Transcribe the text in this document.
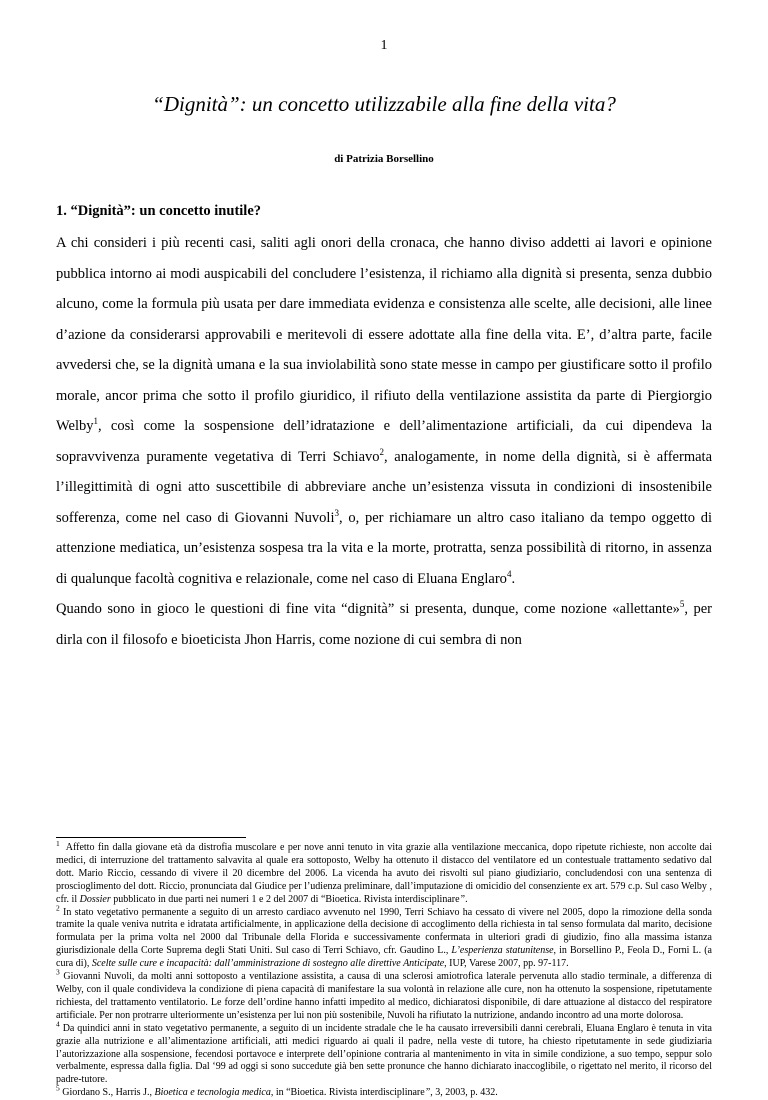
1
“Dignità”: un concetto utilizzabile alla fine della vita?
di Patrizia Borsellino
1. “Dignità”: un concetto inutile?

A chi consideri i più recenti casi, saliti agli onori della cronaca, che hanno diviso addetti ai lavori e opinione pubblica intorno ai modi auspicabili del concludere l’esistenza, il richiamo alla dignità si presenta, senza dubbio alcuno, come la formula più usata per dare immediata evidenza e consistenza alle scelte, alle decisioni, alle linee d’azione da considerarsi approvabili e meritevoli di essere adottate alla fine della vita. E’, d’altra parte, facile avvedersi che, se la dignità umana e la sua inviolabilità sono state messe in campo per giustificare sotto il profilo morale, ancor prima che sotto il profilo giuridico, il rifiuto della ventilazione assistita da parte di Piergiorgio Welby$^1$, così come la sospensione dell’idratazione e dell’alimentazione artificiali, da cui dipendeva la sopravvivenza puramente vegetativa di Terri Schiavo$^2$, analogamente, in nome della dignità, si è affermata l’illegittimità di ogni atto suscettibile di abbreviare anche un’esistenza vissuta in condizioni di insostenibile sofferenza, come nel caso di Giovanni Nuvoli$^3$, o, per richiamare un altro caso italiano da tempo oggetto di attenzione mediatica, un’esistenza sospesa tra la vita e la morte, protratta, senza possibilità di ritorno, in assenza di qualunque facoltà cognitiva e relazionale, come nel caso di Eluana Englaro$^4$.

Quando sono in gioco le questioni di fine vita “dignità” si presenta, dunque, come nozione «allettante»$^5$, per dirla con il filosofo e bioeticista Jhon Harris, come nozione di cui sembra di non

$^1$ Affetto fin dalla giovane età da distrofia muscolare e per nove anni tenuto in vita grazie alla ventilazione meccanica, dopo ripetute richieste, non accolte dai medici, di interruzione del trattamento salvavita al quale era sottoposto, Welby ha ottenuto il distacco del ventilatore ed un contestuale trattamento sedativo dal dott. Mario Riccio, cessando di vivere il 20 dicembre del 2006. La vicenda ha avuto dei risvolti sul piano giudiziario, concludendosi con una sentenza di proscioglimento del dott. Riccio, pronunciata dal Giudice per l’udienza preliminare, dall’imputazione di omicidio del consenziente ex art. 579 c.p. Sul caso Welby , cfr. il Dossier pubblicato in due parti nei numeri 1 e 2 del 2007 di “Bioetica. Rivista interdisciplinare”.

$^2$ In stato vegetativo permanente a seguito di un arresto cardiaco avvenuto nel 1990, Terri Schiavo ha cessato di vivere nel 2005, dopo la rimozione della sonda tramite la quale veniva nutrita e idratata artificialmente, in applicazione della decisione di accoglimento della richiesta in tal senso formulata dal marito, decisione formulata per la prima volta nel 2000 dal Tribunale della Florida e successivamente confermata in ulteriori gradi di giudizio, fino alla massima istanza giurisdizionale della Corte Suprema degli Stati Uniti. Sul caso di Terri Schiavo, cfr. Gaudino L., L’esperienza statunitense, in Borsellino P., Feola D., Forni L. (a cura di), Scelte sulle cure e incapacità: dall’amministrazione di sostegno alle direttive Anticipate, IUP, Varese 2007, pp. 97-117.

$^3$ Giovanni Nuvoli, da molti anni sottoposto a ventilazione assistita, a causa di una sclerosi amiotrofica laterale pervenuta allo stadio terminale, a differenza di Welby, con il quale condivideva la condizione di piena capacità di manifestare la sua volontà in relazione alle cure, non ha ottenuto la sospensione, ripetutamente richiesta, del trattamento ventilatorio. Le forze dell’ordine hanno infatti impedito al medico, dichiaratosi disponibile, di dare attuazione al distacco del respiratore artificiale. Per non protrarre ulteriormente un’esistenza per lui non più sostenibile, Nuvoli ha rifiutato la nutrizione, andando incontro ad una morte dolorosa.

$^4$ Da quindici anni in stato vegetativo permanente, a seguito di un incidente stradale che le ha causato irreversibili danni cerebrali, Eluana Englaro è tenuta in vita grazie alla nutrizione e all’alimentazione artificiali, atti medici riguardo ai quali il padre, nella veste di tutore, ha chiesto ripetutamente in sede giudiziaria l’autorizzazione alla sospensione, fecendosi portavoce e interprete dell’opinione contraria al mantenimento in vita in simile condizione, a suo tempo, seppur solo verbalmente, espressa dalla figlia. Dal ‘99 ad oggi si sono succedute già ben sette pronunce che hanno dichiarato inaccoglibile, o rigettato nel merito, il ricorso del padre-tutore.

$^5$ Giordano S., Harris J., Bioetica e tecnologia medica, in “Bioetica. Rivista interdisciplinare”, 3, 2003, p. 432.
